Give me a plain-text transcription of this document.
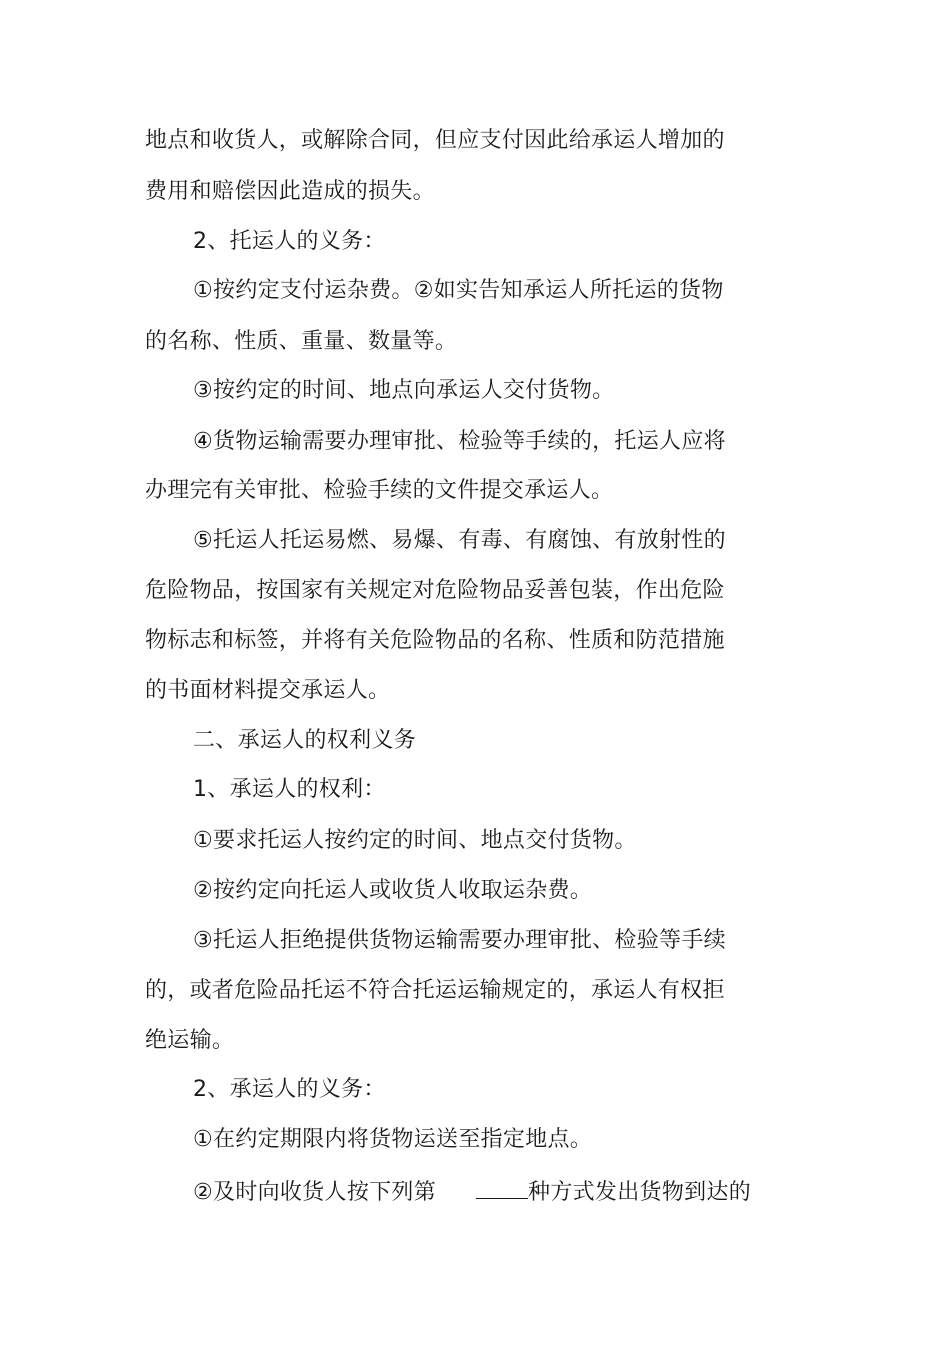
地点和收货人，或解除合同，但应支付因此给承运人增加的
费用和赔偿因此造成的损失。
2、托运人的义务：
①按约定支付运杂费。②如实告知承运人所托运的货物
的名称、性质、重量、数量等。
③按约定的时间、地点向承运人交付货物。
④货物运输需要办理审批、检验等手续的，托运人应将
办理完有关审批、检验手续的文件提交承运人。
⑤托运人托运易燃、易爆、有毒、有腐蚀、有放射性的
危险物品，按国家有关规定对危险物品妥善包装，作出危险
物标志和标签，并将有关危险物品的名称、性质和防范措施
的书面材料提交承运人。
二、承运人的权利义务
1、承运人的权利：
①要求托运人按约定的时间、地点交付货物。
②按约定向托运人或收货人收取运杂费。
③托运人拒绝提供货物运输需要办理审批、检验等手续
的，或者危险品托运不符合托运运输规定的，承运人有权拒
绝运输。
2、承运人的义务：
①在约定期限内将货物运送至指定地点。
②及时向收货人按下列第	种方式发出货物到达的
